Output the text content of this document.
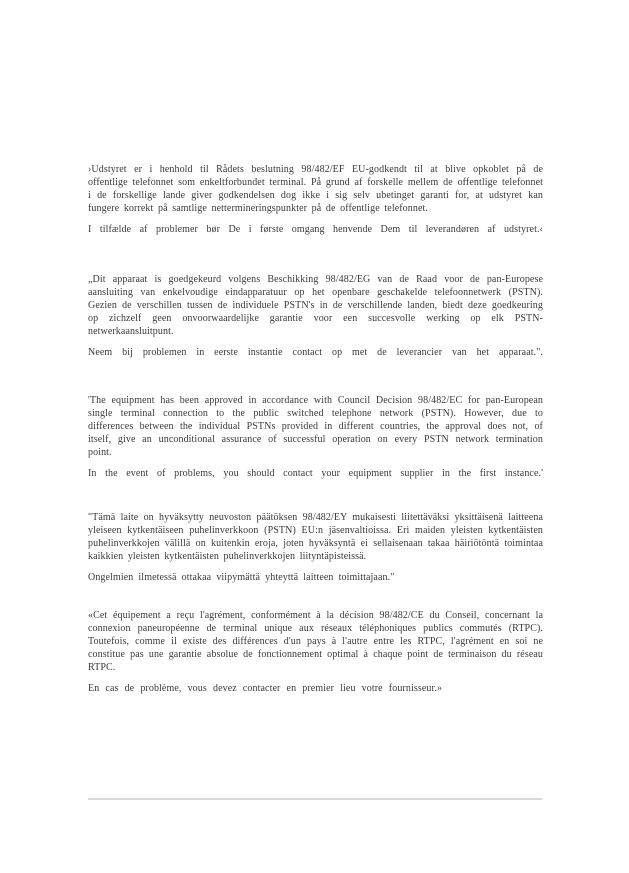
›Udstyret er i henhold til Rådets beslutning 98/482/EF EU-godkendt til at blive opkoblet på de offentlige telefonnet som enkeltforbundet terminal. På grund af forskelle mellem de offentlige telefonnet i de forskellige lande giver godkendelsen dog ikke i sig selv ubetinget garanti for, at udstyret kan fungere korrekt på samtlige nettermineringspunkter på de offentlige telefonnet.

I tilfælde af problemer bør De i første omgang henvende Dem til leverandøren af udstyret.‹

„Dit apparaat is goedgekeurd volgens Beschikking 98/482/EG van de Raad voor de pan-Europese aansluiting van enkelvoudige eindapparatuur op het openbare geschakelde telefoonnetwerk (PSTN). Gezien de verschillen tussen de individuele PSTN's in de verschillende landen, biedt deze goedkeuring op zichzelf geen onvoorwaardelijke garantie voor een succesvolle werking op elk PSTN-netwerkaansluitpunt.

Neem bij problemen in eerste instantie contact op met de leverancier van het apparaat.".

'The equipment has been approved in accordance with Council Decision 98/482/EC for pan-European single terminal connection to the public switched telephone network (PSTN). However, due to differences between the individual PSTNs provided in different countries, the approval does not, of itself, give an unconditional assurance of successful operation on every PSTN network termination point.

In the event of problems, you should contact your equipment supplier in the first instance.'

"Tämä laite on hyväksytty neuvoston päätöksen 98/482/EY mukaisesti liitettäväksi yksittäisenä laitteena yleiseen kytkentäiseen puhelinverkkoon (PSTN) EU:n jäsenvaltioissa. Eri maiden yleisten kytkentäisten puhelinverkkojen välillä on kuitenkin eroja, joten hyväksyntä ei sellaisenaan takaa häiriötöntä toimintaa kaikkien yleisten kytkentäisten puhelinverkkojen liityntäpisteissä.

Ongelmien ilmetessä ottakaa viipymättä yhteyttä laitteen toimittajaan."

«Cet équipement a reçu l'agrément, conformément à la décision 98/482/CE du Conseil, concernant la connexion paneuropéenne de terminal unique aux réseaux téléphoniques publics commutés (RTPC). Toutefois, comme il existe des différences d'un pays à l'autre entre les RTPC, l'agrément en soi ne constitue pas une garantie absolue de fonctionnement optimal à chaque point de terminaison du réseau RTPC.

En cas de problème, vous devez contacter en premier lieu votre fournisseur.»
